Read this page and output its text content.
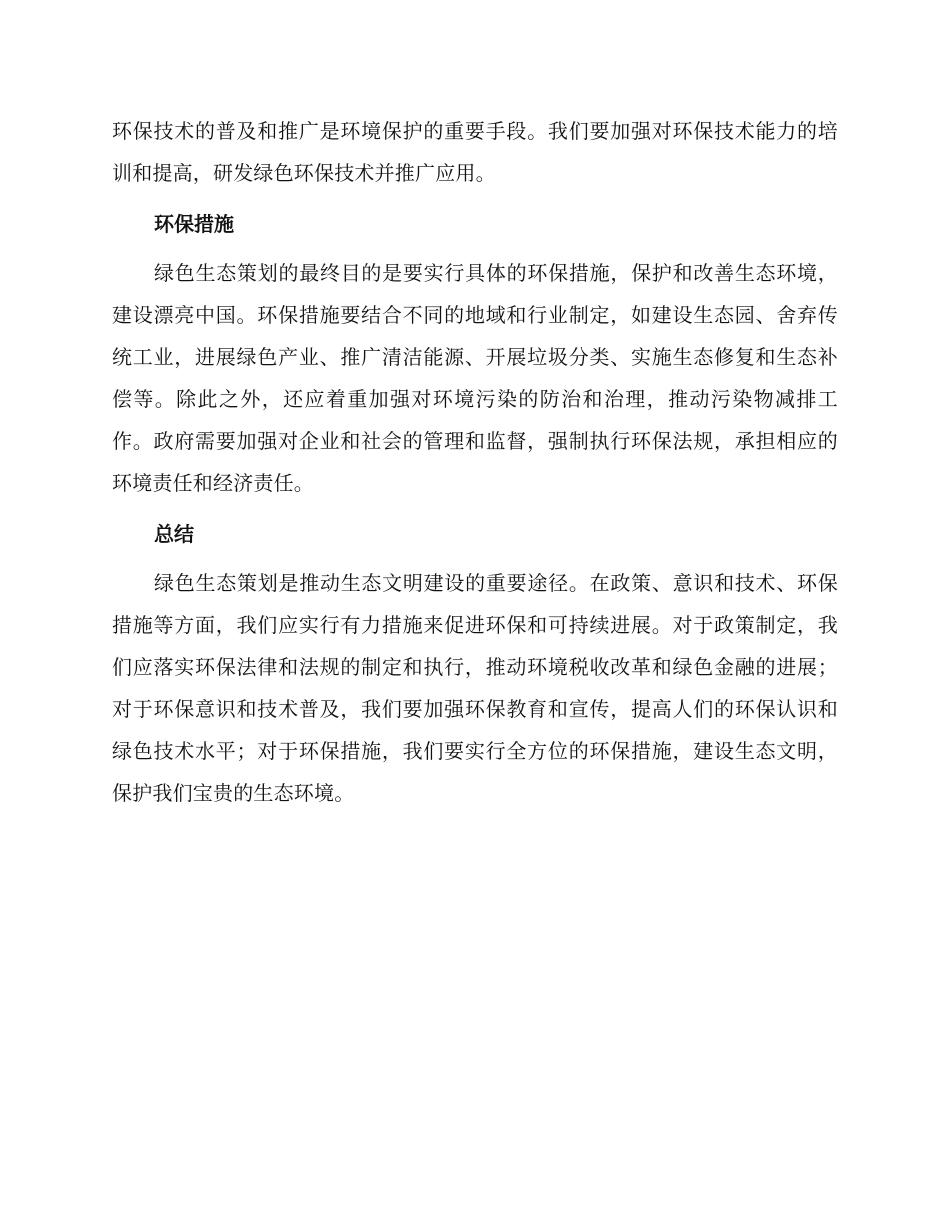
环保技术的普及和推广是环境保护的重要手段。我们要加强对环保技术能力的培训和提高，研发绿色环保技术并推广应用。

环保措施

绿色生态策划的最终目的是要实行具体的环保措施，保护和改善生态环境，建设漂亮中国。环保措施要结合不同的地域和行业制定，如建设生态园、舍弃传统工业，进展绿色产业、推广清洁能源、开展垃圾分类、实施生态修复和生态补偿等。除此之外，还应着重加强对环境污染的防治和治理，推动污染物减排工作。政府需要加强对企业和社会的管理和监督，强制执行环保法规，承担相应的环境责任和经济责任。

总结

绿色生态策划是推动生态文明建设的重要途径。在政策、意识和技术、环保措施等方面，我们应实行有力措施来促进环保和可持续进展。对于政策制定，我们应落实环保法律和法规的制定和执行，推动环境税收改革和绿色金融的进展；对于环保意识和技术普及，我们要加强环保教育和宣传，提高人们的环保认识和绿色技术水平；对于环保措施，我们要实行全方位的环保措施，建设生态文明，保护我们宝贵的生态环境。
